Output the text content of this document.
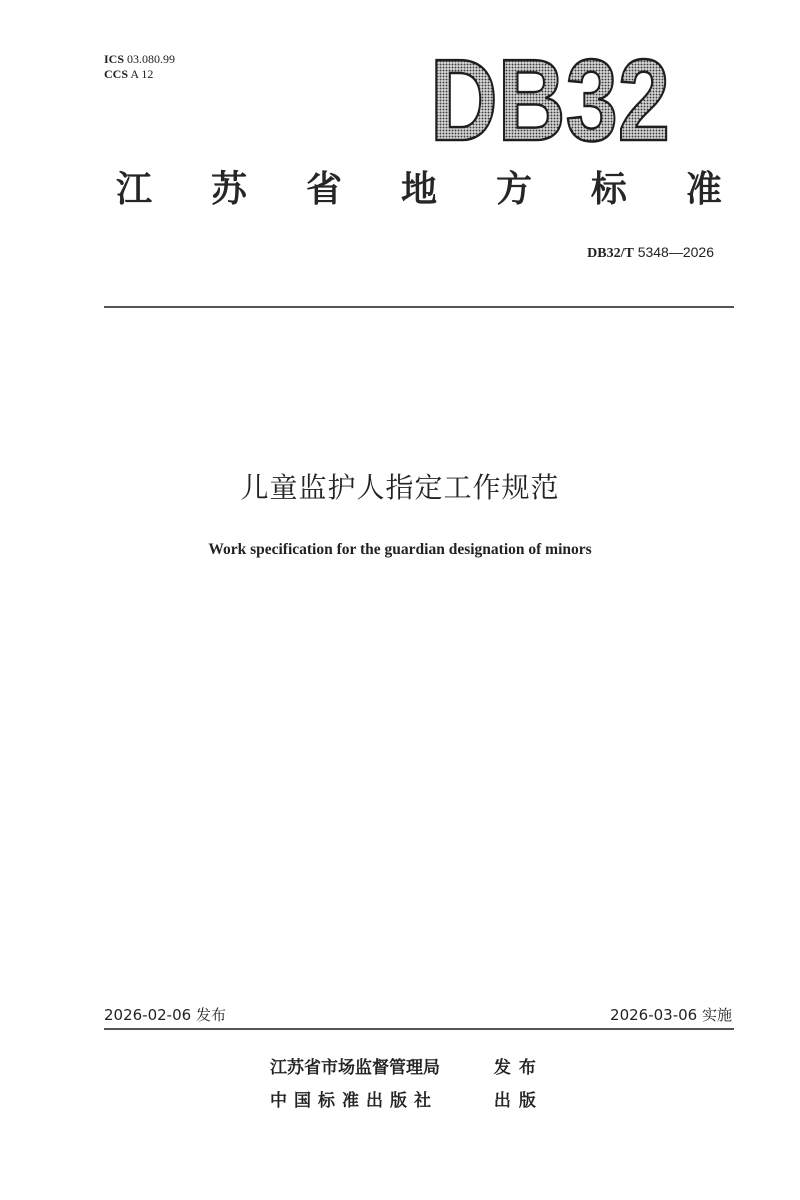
ICS 03.080.99
CCS A 12 DB32
江 苏 省 地 方 标 准
DB32/T 5348—2026
儿童监护人指定工作规范
Work specification for the guardian designation of minors
2026-02-06 发布	2026-03-06 实施
江苏省市场监督管理局	发布
中国标准出版社	出版
